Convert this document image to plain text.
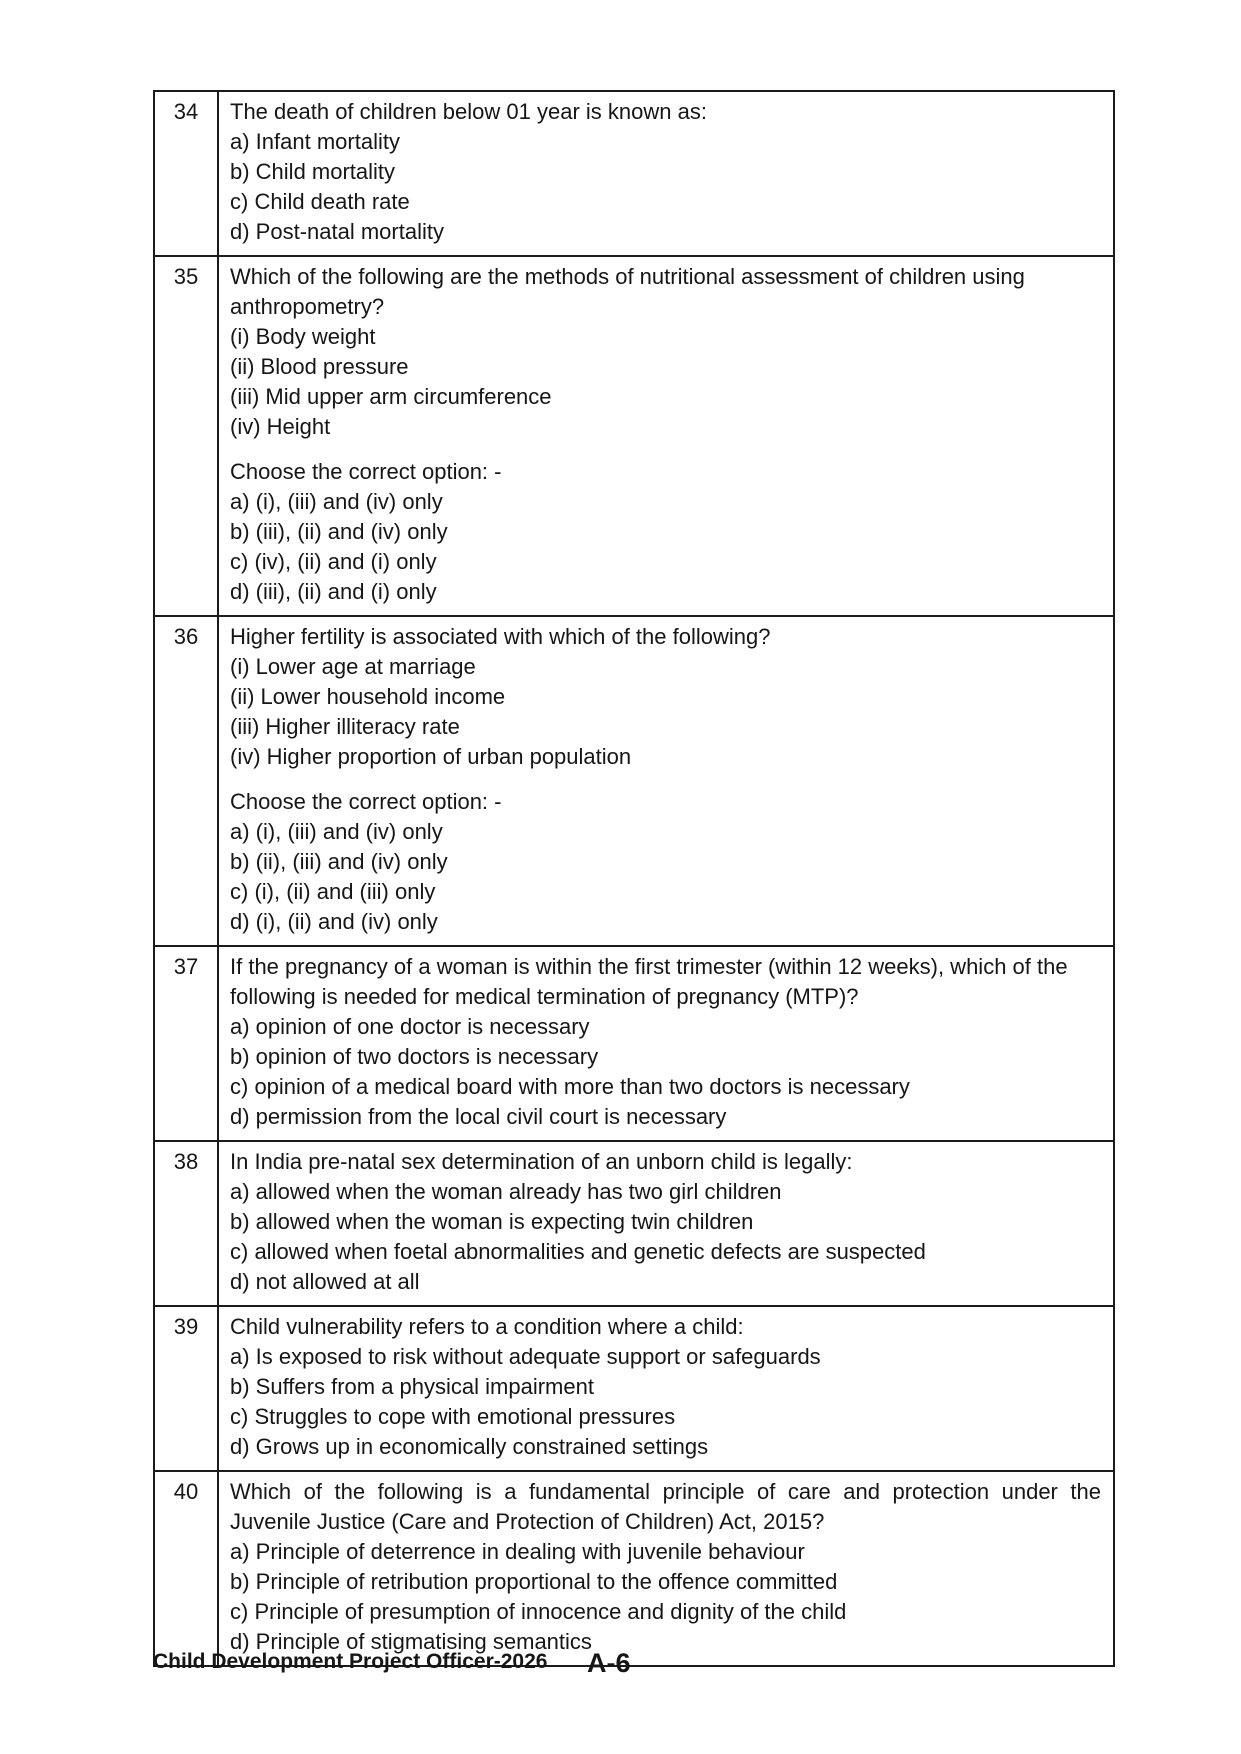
34	The death of children below 01 year is known as:
a) Infant mortality
b) Child mortality
c) Child death rate
d) Post-natal mortality

35	Which of the following are the methods of nutritional assessment of children using anthropometry?
(i) Body weight
(ii) Blood pressure
(iii) Mid upper arm circumference
(iv) Height
Choose the correct option: -
a) (i), (iii) and (iv) only
b) (iii), (ii) and (iv) only
c) (iv), (ii) and (i) only
d) (iii), (ii) and (i) only

36	Higher fertility is associated with which of the following?
(i) Lower age at marriage
(ii) Lower household income
(iii) Higher illiteracy rate
(iv) Higher proportion of urban population
Choose the correct option: -
a) (i), (iii) and (iv) only
b) (ii), (iii) and (iv) only
c) (i), (ii) and (iii) only
d) (i), (ii) and (iv) only

37	If the pregnancy of a woman is within the first trimester (within 12 weeks), which of the following is needed for medical termination of pregnancy (MTP)?
a) opinion of one doctor is necessary
b) opinion of two doctors is necessary
c) opinion of a medical board with more than two doctors is necessary
d) permission from the local civil court is necessary

38	In India pre-natal sex determination of an unborn child is legally:
a) allowed when the woman already has two girl children
b) allowed when the woman is expecting twin children
c) allowed when foetal abnormalities and genetic defects are suspected
d) not allowed at all

39	Child vulnerability refers to a condition where a child:
a) Is exposed to risk without adequate support or safeguards
b) Suffers from a physical impairment
c) Struggles to cope with emotional pressures
d) Grows up in economically constrained settings

40	Which of the following is a fundamental principle of care and protection under the Juvenile Justice (Care and Protection of Children) Act, 2015?
a) Principle of deterrence in dealing with juvenile behaviour
b) Principle of retribution proportional to the offence committed
c) Principle of presumption of innocence and dignity of the child
d) Principle of stigmatising semantics
Child Development Project Officer-2026 A-6
